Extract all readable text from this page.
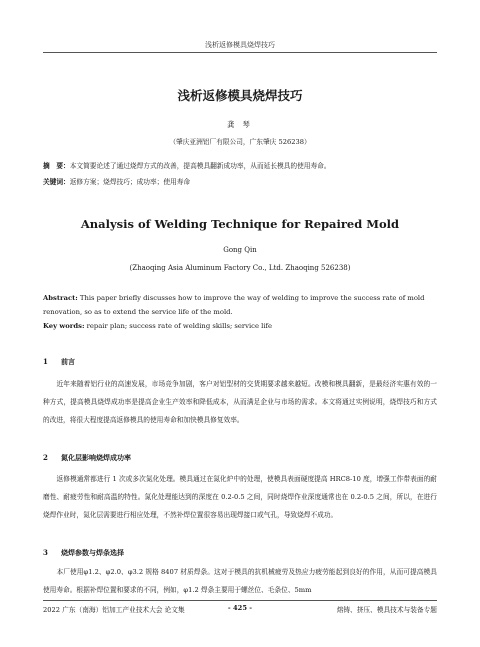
浅析返修模具烧焊技巧
浅析返修模具烧焊技巧
龚 琴
（肇庆亚洲铝厂有限公司，广东肇庆 526238）
摘　要：本文简要论述了通过烧焊方式的改善，提高模具翻新成功率，从而延长模具的使用寿命。
关键词：返修方案；烧焊技巧；成功率；使用寿命
Analysis of Welding Technique for Repaired Mold
Gong Qin
(Zhaoqing Asia Aluminum Factory Co., Ltd. Zhaoqing 526238)
Abstract: This paper briefly discusses how to improve the way of welding to improve the success rate of mold renovation, so as to extend the service life of the mold.
Key words: repair plan; success rate of welding skills; service life
1 前言
近年来随着铝行业的高速发展，市场竞争加剧，客户对铝型材的交货期要求越来越短。改模和模具翻新，是最经济实惠有效的一种方式，提高模具烧焊成功率是提高企业生产效率和降低成本，从而满足企业与市场的需求。本文将通过实例说明，烧焊技巧和方式的改进，将很大程度提高返修模具的使用寿命和加快模具修复效率。
2 氮化层影响烧焊成功率
返修模通常都进行 1 次或多次氮化处理。模具通过在氮化炉中的处理，使模具表面硬度提高 HRC8-10 度，增强工作带表面的耐磨性、耐疲劳性和耐高温的特性。氮化处理能达到的深度在 0.2-0.5 之间，同时烧焊作业深度通常也在 0.2-0.5 之间，所以，在进行烧焊作业时，氮化层需要进行相应处理，不然补焊位置很容易出现焊接口或气孔，导致烧焊不成功。
3 烧焊参数与焊条选择
本厂使用φ1.2、φ2.0、φ3.2 规格 8407 材质焊条。这对于模具的抗机械疲劳及热应力疲劳能起到良好的作用，从而可提高模具使用寿命。根据补焊位置和要求的不同，例如，φ1.2 焊条主要用于螺丝位、毛条位、5mm
2022 广东（南海）铝加工产业技术大会 论文集	- 425 -	熔铸、挤压、模具技术与装备专题
